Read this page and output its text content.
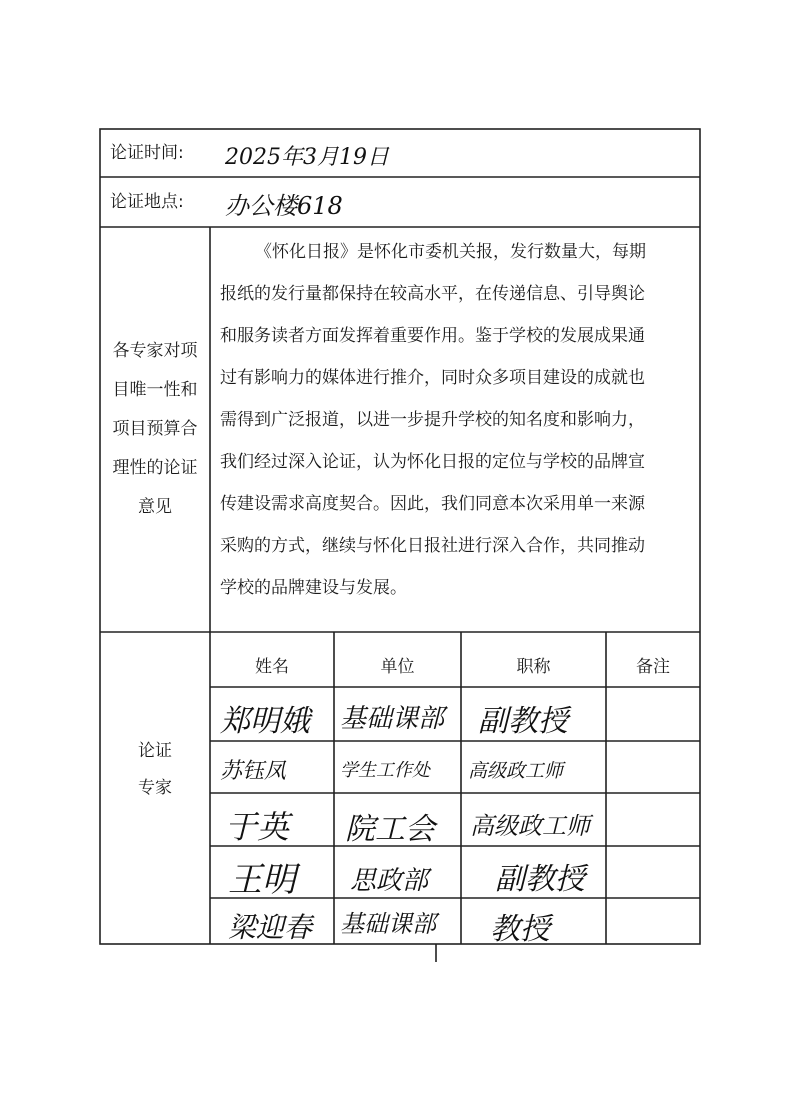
论证时间: 2025年3月19日
论证地点: 办公楼618
各专家对项
目唯一性和
项目预算合
理性的论证
意见
《怀化日报》是怀化市委机关报，发行数量大，每期
报纸的发行量都保持在较高水平，在传递信息、引导舆论
和服务读者方面发挥着重要作用。鉴于学校的发展成果通
过有影响力的媒体进行推介，同时众多项目建设的成就也
需得到广泛报道，以进一步提升学校的知名度和影响力，
我们经过深入论证，认为怀化日报的定位与学校的品牌宣
传建设需求高度契合。因此，我们同意本次采用单一来源
采购的方式，继续与怀化日报社进行深入合作，共同推动
学校的品牌建设与发展。
论证
专家
姓名	单位	职称	备注
郑明娥 基础课部 副教授
苏钰凤	学生工作处 高级政工师
于英 院工会 高级政工师
王明 思政部 副教授
梁迎春 基础课部 教授
